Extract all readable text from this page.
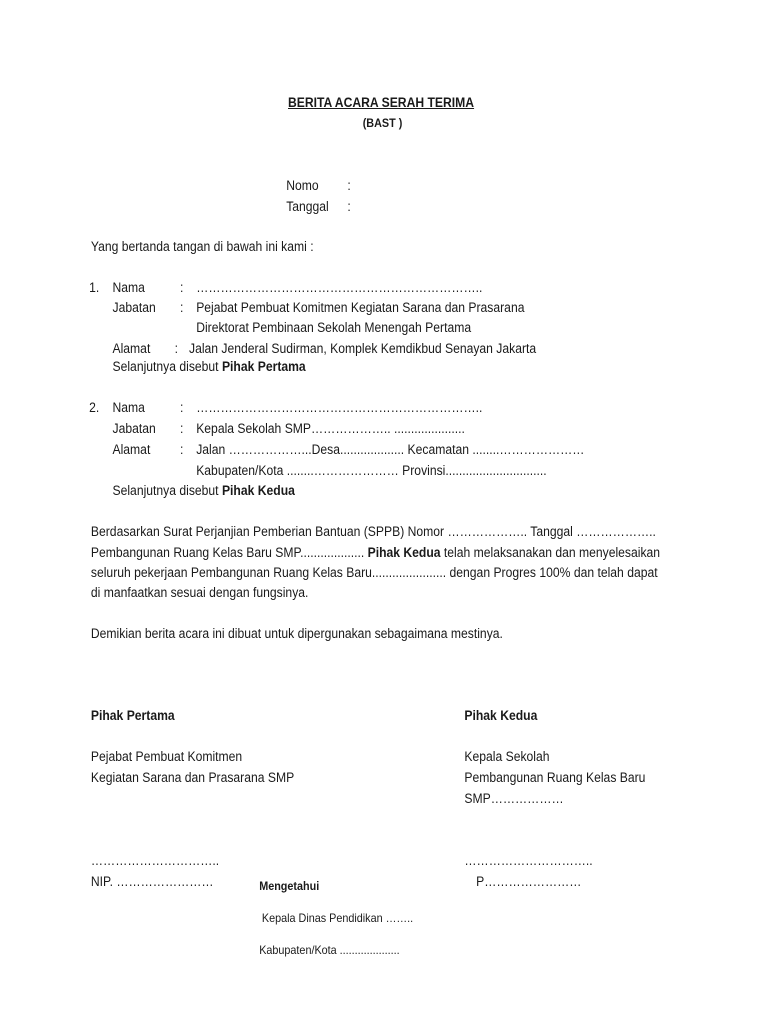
BERITA ACARA SERAH TERIMA
(BAST )
Nomo :
Tanggal :
Yang bertanda tangan di bawah ini kami :
1. Nama	: ……………………………………………………………..
Jabatan : Pejabat Pembuat Komitmen Kegiatan Sarana dan Prasarana
Direktorat Pembinaan Sekolah Menengah Pertama
Alamat : Jalan Jenderal Sudirman, Komplek Kemdikbud Senayan Jakarta
Selanjutnya disebut Pihak Pertama
2. Nama	: ……………………………………………………………..
Jabatan : Kepala Sekolah SMP……………….. .....................
Alamat : Jalan ………………...Desa................... Kecamatan ........…………………
Kabupaten/Kota ........………………… Provinsi..............................
Selanjutnya disebut Pihak Kedua
Berdasarkan Surat Perjanjian Pemberian Bantuan (SPPB) Nomor ……………….. Tanggal ………………..
Pembangunan Ruang Kelas Baru SMP................... Pihak Kedua telah melaksanakan dan menyelesaikan
seluruh pekerjaan Pembangunan Ruang Kelas Baru...................... dengan Progres 100% dan telah dapat
di manfaatkan sesuai dengan fungsinya.
Demikian berita acara ini dibuat untuk dipergunakan sebagaimana mestinya.
Pihak Pertama
Pejabat Pembuat Komitmen
Kegiatan Sarana dan Prasarana SMP
…………………………..
NIP. ……………………
Pihak Kedua
Kepala Sekolah
Pembangunan Ruang Kelas Baru
SMP………………
…………………………..
P……………………
Mengetahui
Kepala Dinas Pendidikan ……..
Kabupaten/Kota ....................
